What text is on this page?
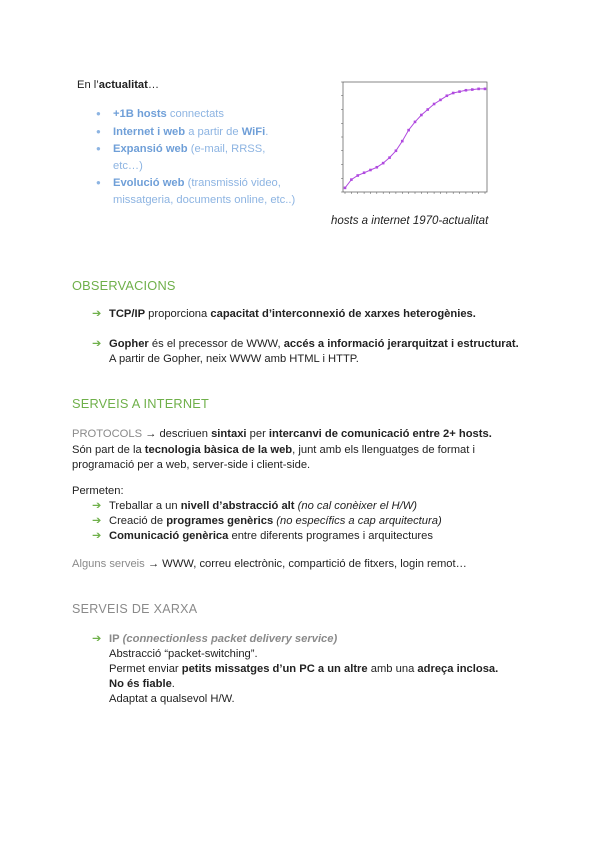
En l’actualitat…
● +1B hosts connectats
● Internet i web a partir de WiFi.
● Expansió web (e-mail, RRSS, etc…)
● Evolució web (transmissió video, missatgeria, documents online, etc..)
hosts a internet 1970-actualitat
OBSERVACIONS
➔ TCP/IP proporciona capacitat d’interconnexió de xarxes heterogènies.
➔ Gopher és el precessor de WWW, accés a informació jerarquitzat i estructurat.
A partir de Gopher, neix WWW amb HTML i HTTP.
SERVEIS A INTERNET
PROTOCOLS → descriuen sintaxi per intercanvi de comunicació entre 2+ hosts.
Són part de la tecnologia bàsica de la web, junt amb els llenguatges de format i
programació per a web, server-side i client-side.
Permeten:
➔ Treballar a un nivell d’abstracció alt (no cal conèixer el H/W)
➔ Creació de programes genèrics (no específics a cap arquitectura)
➔ Comunicació genèrica entre diferents programes i arquitectures
Alguns serveis → WWW, correu electrònic, compartició de fitxers, login remot…
SERVEIS DE XARXA
➔ IP (connectionless packet delivery service)
Abstracció “packet-switching”.
Permet enviar petits missatges d’un PC a un altre amb una adreça inclosa.
No és fiable.
Adaptat a qualsevol H/W.
